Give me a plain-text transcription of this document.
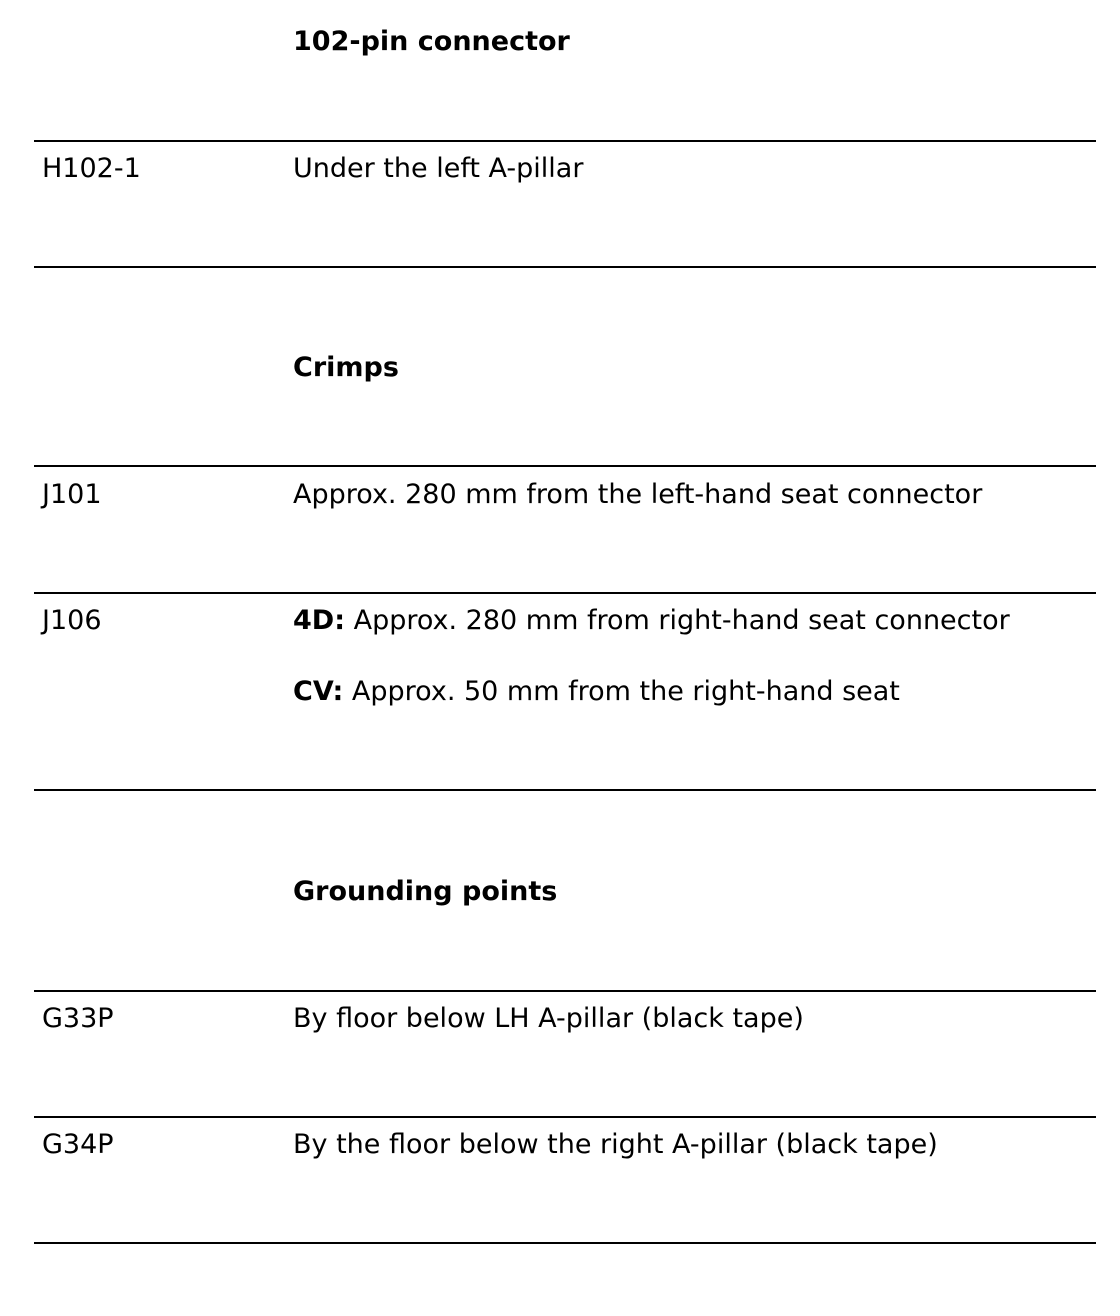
102-pin connector
H102-1	Under the left A-pillar
Crimps
J101	Approx. 280 mm from the left-hand seat connector
J106	4D: Approx. 280 mm from right-hand seat connector
CV: Approx. 50 mm from the right-hand seat
Grounding points
G33P	By floor below LH A-pillar (black tape)
G34P	By the floor below the right A-pillar (black tape)
